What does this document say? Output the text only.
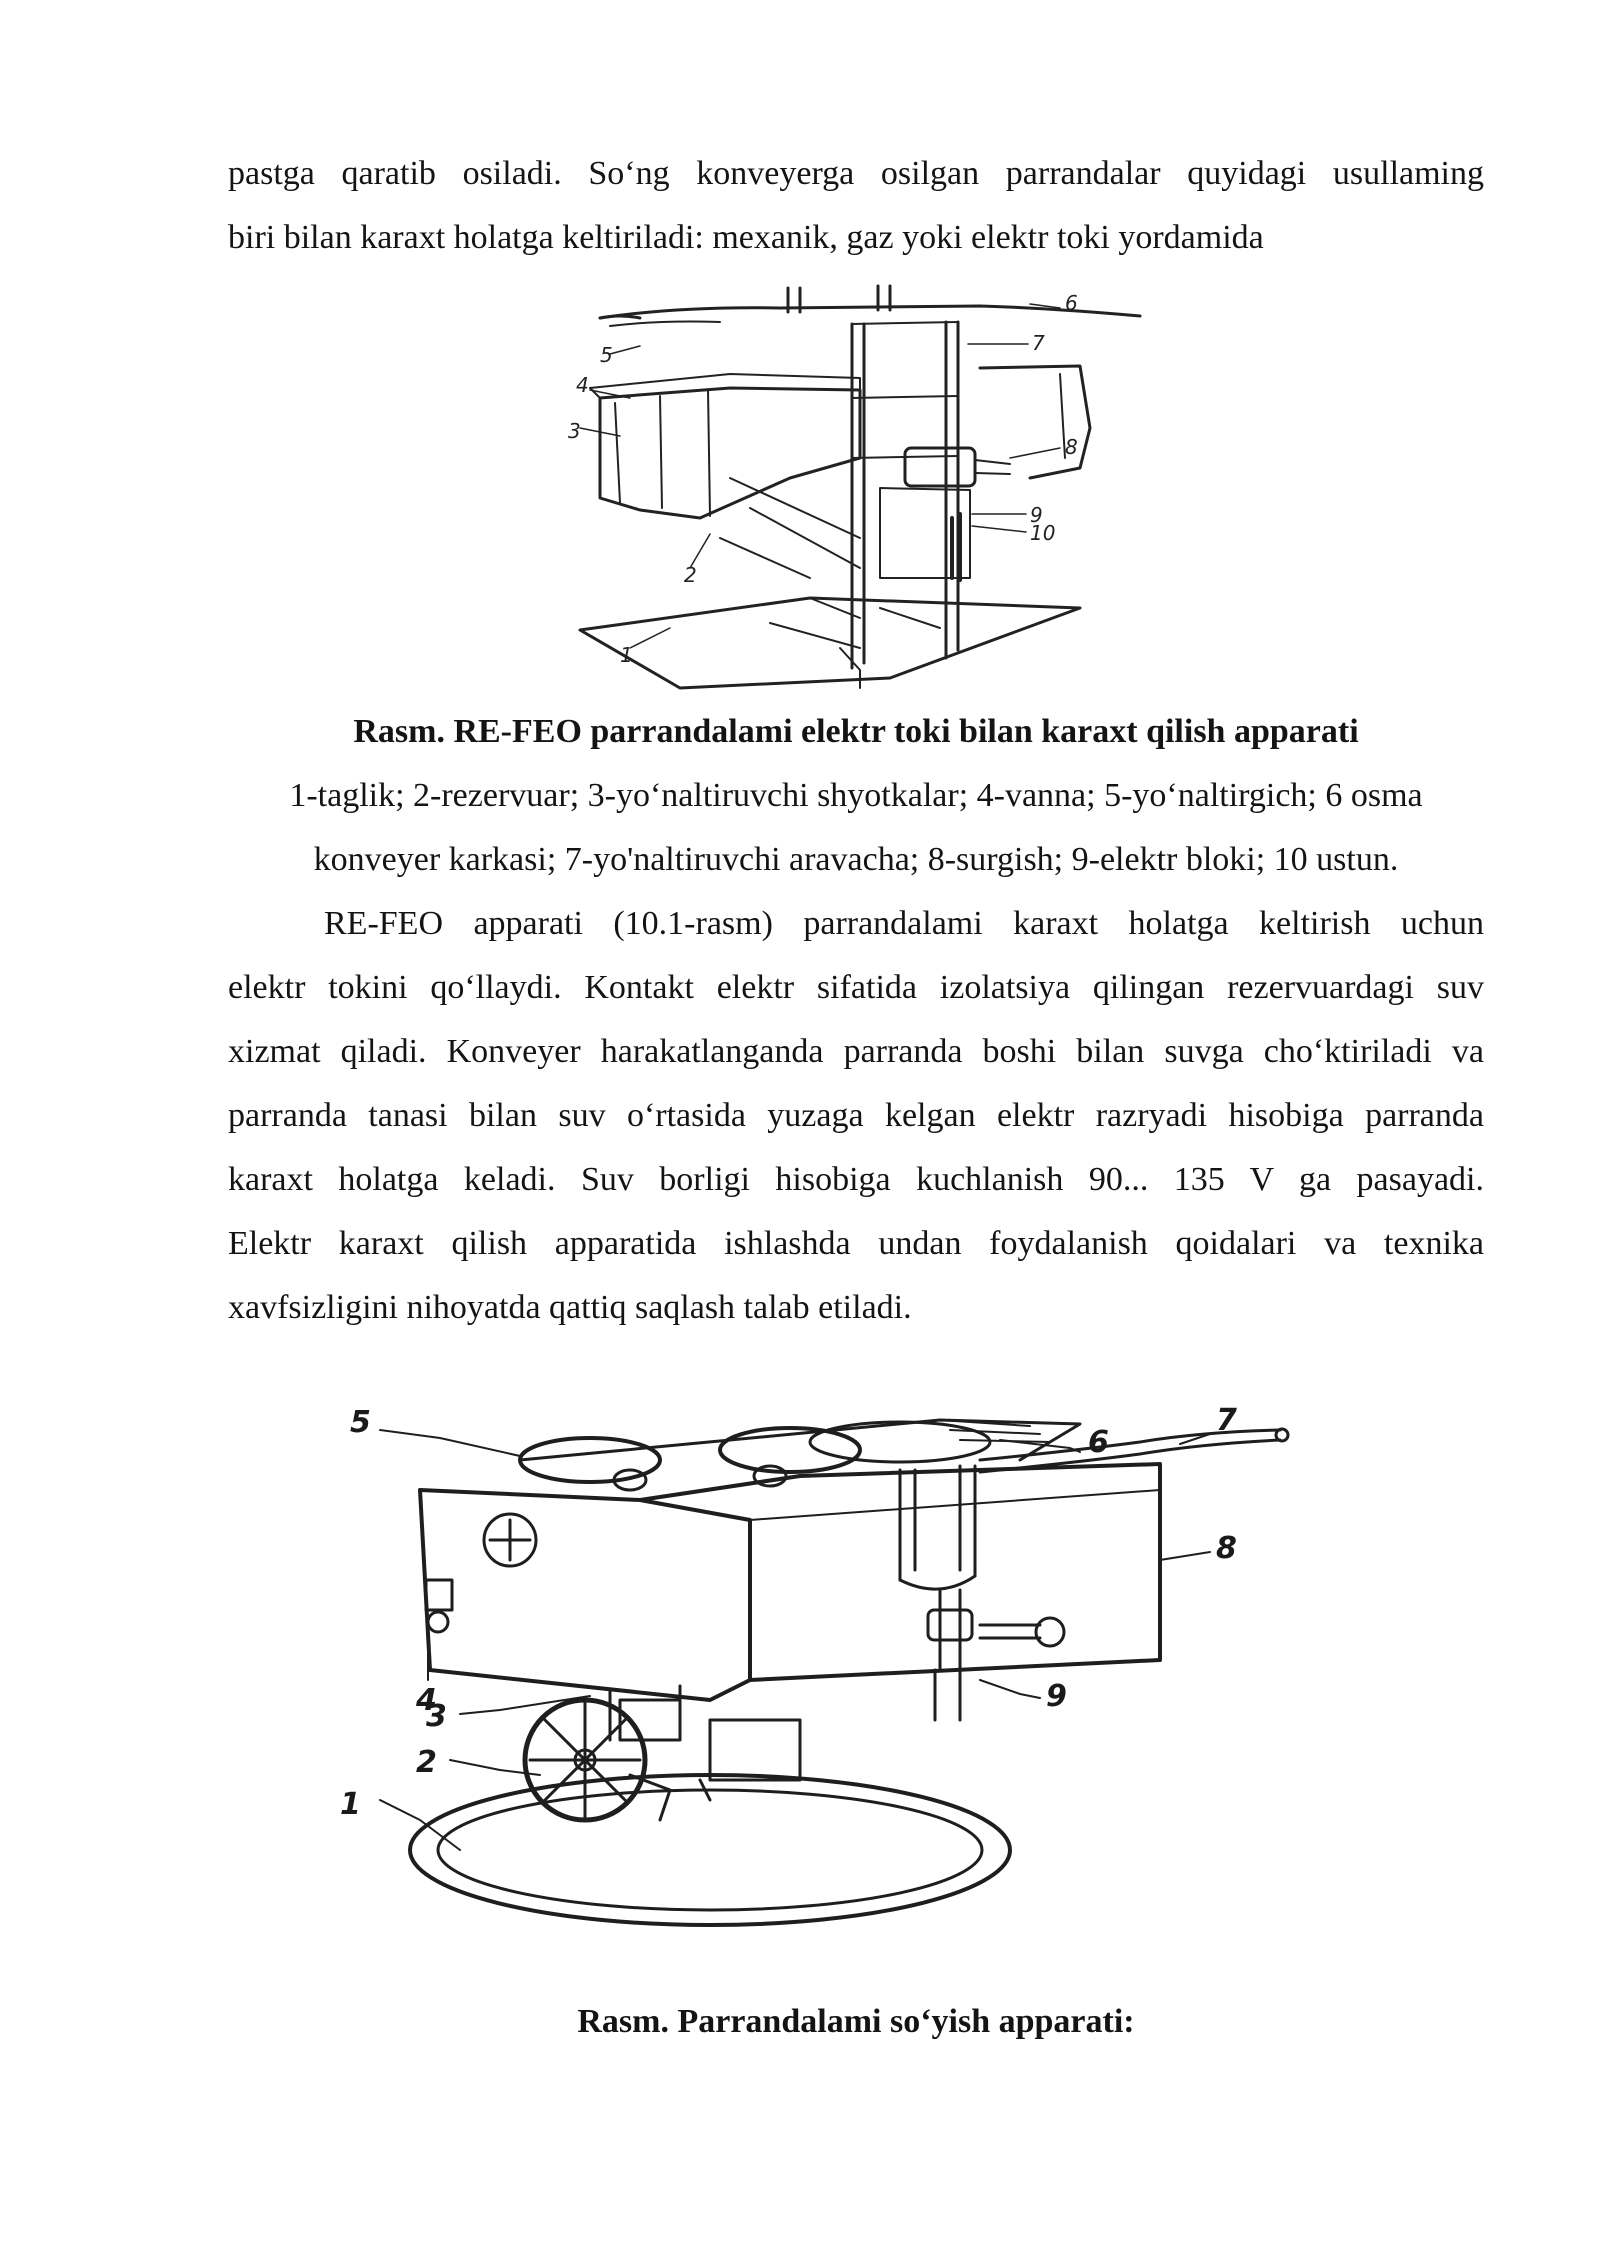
pastga qaratib osiladi. So‘ng konveyerga osilgan parrandalar quyidagi usullaming
biri bilan karaxt holatga keltiriladi: mexanik, gaz yoki elektr toki yordamida
6
7
8
9
10
3
4
5
2
1
Rasm. RE-FEO parrandalami elektr toki bilan karaxt qilish apparati
1-taglik; 2-rezervuar; 3-yo‘naltiruvchi shyotkalar; 4-vanna; 5-yo‘naltirgich; 6 osma
konveyer karkasi; 7-yo'naltiruvchi aravacha; 8-surgish; 9-elektr bloki; 10 ustun.
RE-FEO apparati (10.1-rasm) parrandalami karaxt holatga keltirish uchun
elektr tokini qo‘llaydi. Kontakt elektr sifatida izolatsiya qilingan rezervuardagi suv
xizmat qiladi. Konveyer harakatlanganda parranda boshi bilan suvga cho‘ktiriladi va
parranda tanasi bilan suv o‘rtasida yuzaga kelgan elektr razryadi hisobiga parranda
karaxt holatga keladi. Suv borligi hisobiga kuchlanish 90... 135 V ga pasayadi.
Elektr karaxt qilish apparatida ishlashda undan foydalanish qoidalari va texnika
xavfsizligini nihoyatda qattiq saqlash talab etiladi.
5
6
7
8
9
4
3
2
1
Rasm. Parrandalami so‘yish apparati:
